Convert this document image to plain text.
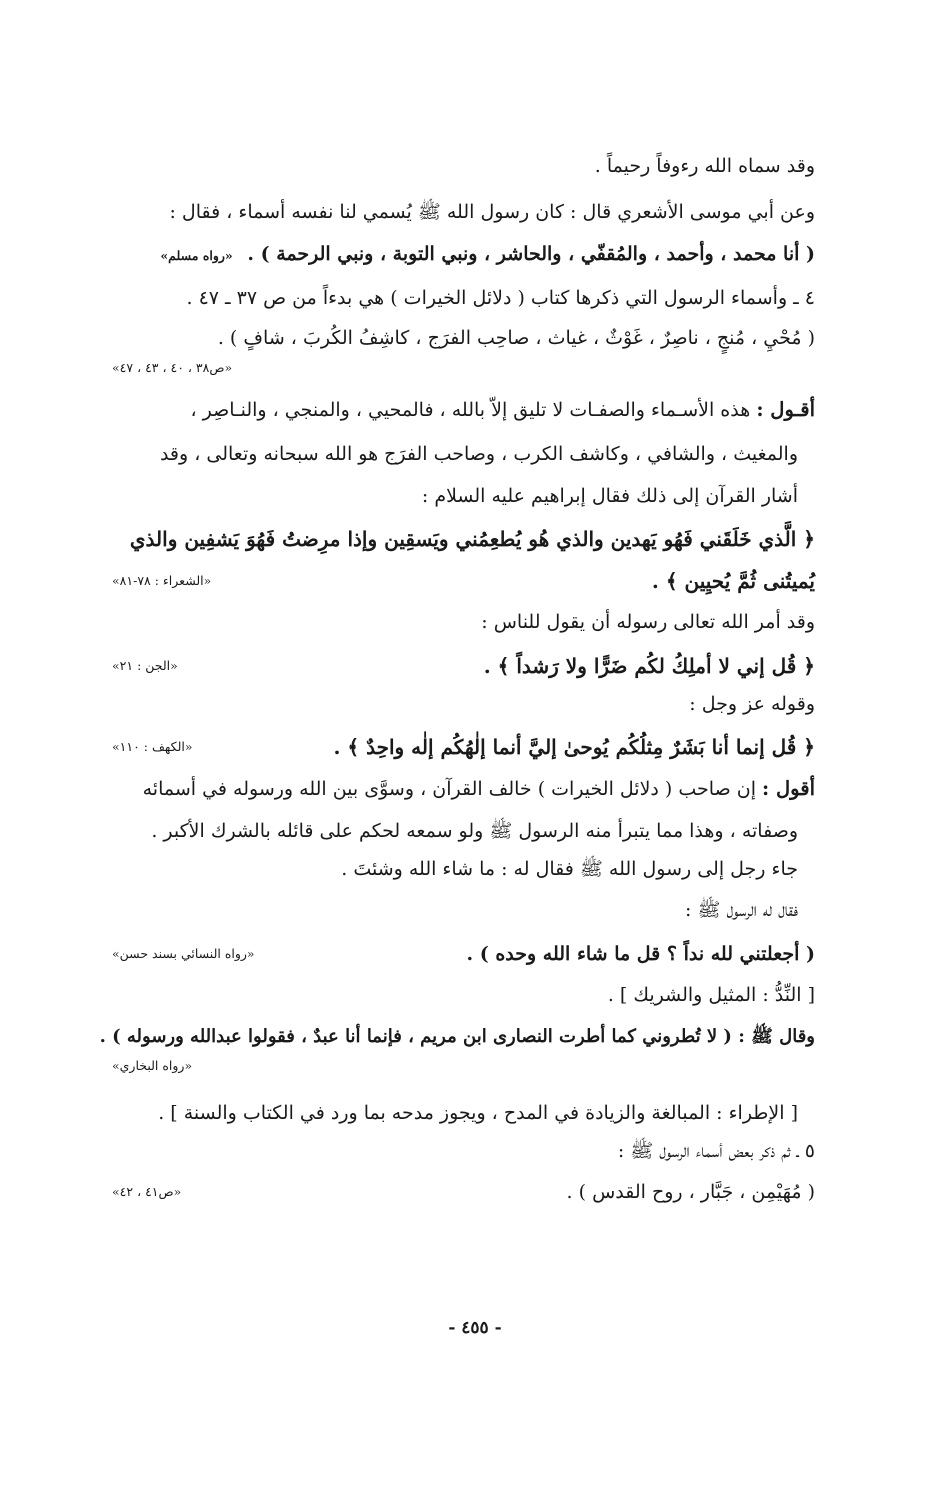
وقد سماه الله رءوفاً رحيماً .
وعن أبي موسى الأشعري قال : كان رسول الله ﷺ يُسمي لنا نفسه أسماء ، فقال :
( أنا محمد ، وأحمد ، والمُقفّي ، والحاشر ، ونبي التوبة ، ونبي الرحمة ) . «رواه مسلم»
٤ ـ وأسماء الرسول التي ذكرها كتاب ( دلائل الخيرات ) هي بدءاً من ص ٣٧ ـ ٤٧ .
( مُحْيِ ، مُنجٍ ، ناصِرٌ ، غَوْثٌ ، غياث ، صاحِب الفرَج ، كاشِفُ الكُربَ ، شافٍ ) .
«ص٣٨ ، ٤٠ ، ٤٣ ، ٤٧»
أقـول : هذه الأسـماء والصفـات لا تليق إلاّ بالله ، فالمحيي ، والمنجي ، والنـاصِر ،
والمغيث ، والشافي ، وكاشف الكرب ، وصاحب الفرَج هو الله سبحانه وتعالى ، وقد
أشار القرآن إلى ذلك فقال إبراهيم عليه السلام :
﴿ الَّذي خَلَقَني فَهُو يَهدين والذي هُو يُطعِمُني ويَسقِين وإذا مرِضتُ فَهُوَ يَشفِين والذي
يُميتُنى ثُمَّ يُحيِين ﴾ .
«الشعراء : ٧٨-٨١»
وقد أمر الله تعالى رسوله أن يقول للناس :
﴿ قُل إني لا أملِكُ لكُم ضَرًّا ولا رَشداً ﴾ .
«الجن : ٢١»
وقوله عز وجل :
﴿ قُل إنما أنا بَشَرٌ مِثلُكُم يُوحىٰ إليَّ أنما إلٰهُكُم إلٰه واحِدٌ ﴾ .
«الكهف : ١١٠»
أقول : إن صاحب ( دلائل الخيرات ) خالف القرآن ، وسوَّى بين الله ورسوله في أسمائه
وصفاته ، وهذا مما يتبرأ منه الرسول ﷺ ولو سمعه لحكم على قائله بالشرك الأكبر .
جاء رجل إلى رسول الله ﷺ فقال له : ما شاء الله وشئتَ .
فقال له الرسول ﷺ :
( أجعلتني لله نداً ؟ قل ما شاء الله وحده ) .
«رواه النسائي بسند حسن»
[ النِّدُّ : المثيل والشريك ] .
وقال ﷺ : ( لا تُطروني كما أطرت النصارى ابن مريم ، فإنما أنا عبدٌ ، فقولوا عبدالله ورسوله ) .
«رواه البخاري»
[ الإطراء : المبالغة والزيادة في المدح ، ويجوز مدحه بما ورد في الكتاب والسنة ] .
٥ ـ ثم ذكر بعض أسماء الرسول ﷺ :
( مُهَيْمِن ، جَبَّار ، روح القدس ) .
«ص٤١ ، ٤٢»
- ٤٥٥ -
